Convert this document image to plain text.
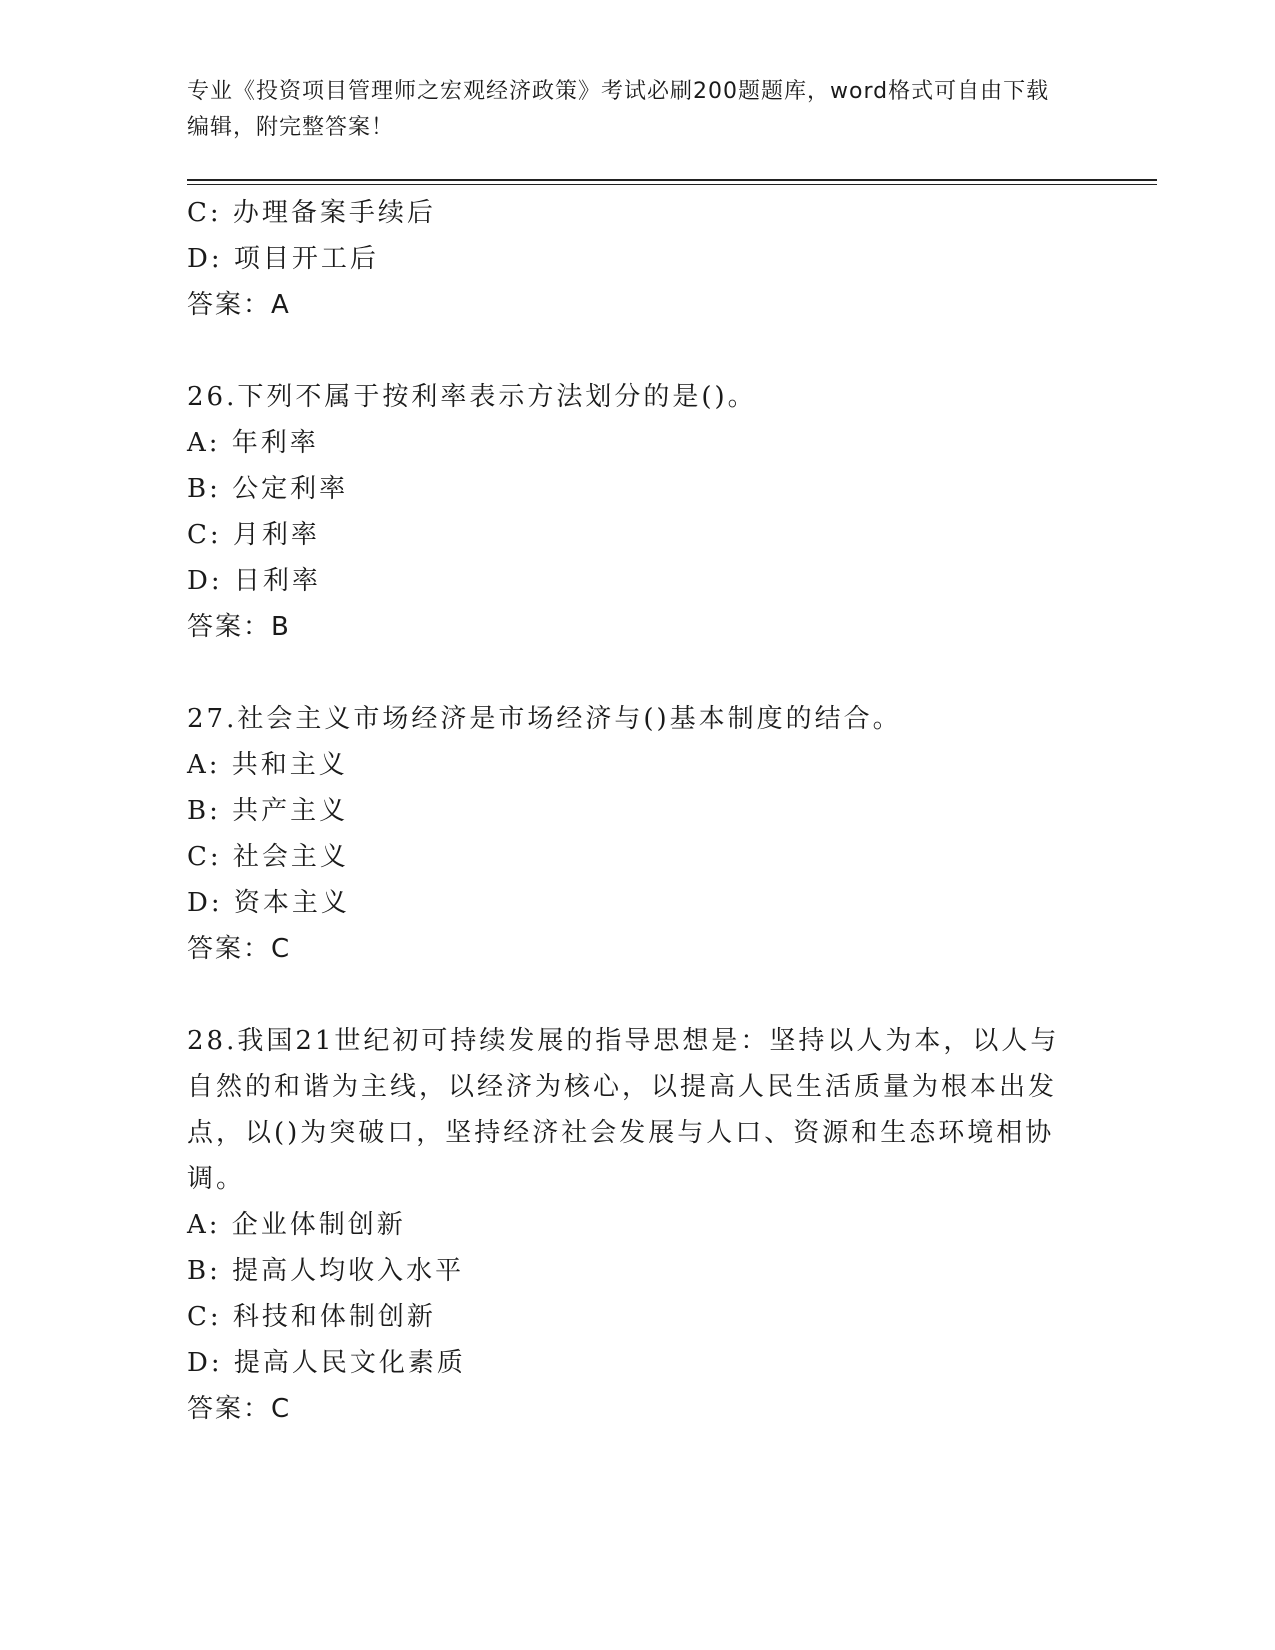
专业《投资项目管理师之宏观经济政策》考试必刷200题题库，word格式可自由下载编辑，附完整答案！
C: 办理备案手续后
D: 项目开工后
答案：A
26.下列不属于按利率表示方法划分的是()。
A: 年利率
B: 公定利率
C: 月利率
D: 日利率
答案：B
27.社会主义市场经济是市场经济与()基本制度的结合。
A: 共和主义
B: 共产主义
C: 社会主义
D: 资本主义
答案：C
28.我国21世纪初可持续发展的指导思想是：坚持以人为本，以人与自然的和谐为主线，以经济为核心，以提高人民生活质量为根本出发点，以()为突破口，坚持经济社会发展与人口、资源和生态环境相协调。
A: 企业体制创新
B: 提高人均收入水平
C: 科技和体制创新
D: 提高人民文化素质
答案：C
